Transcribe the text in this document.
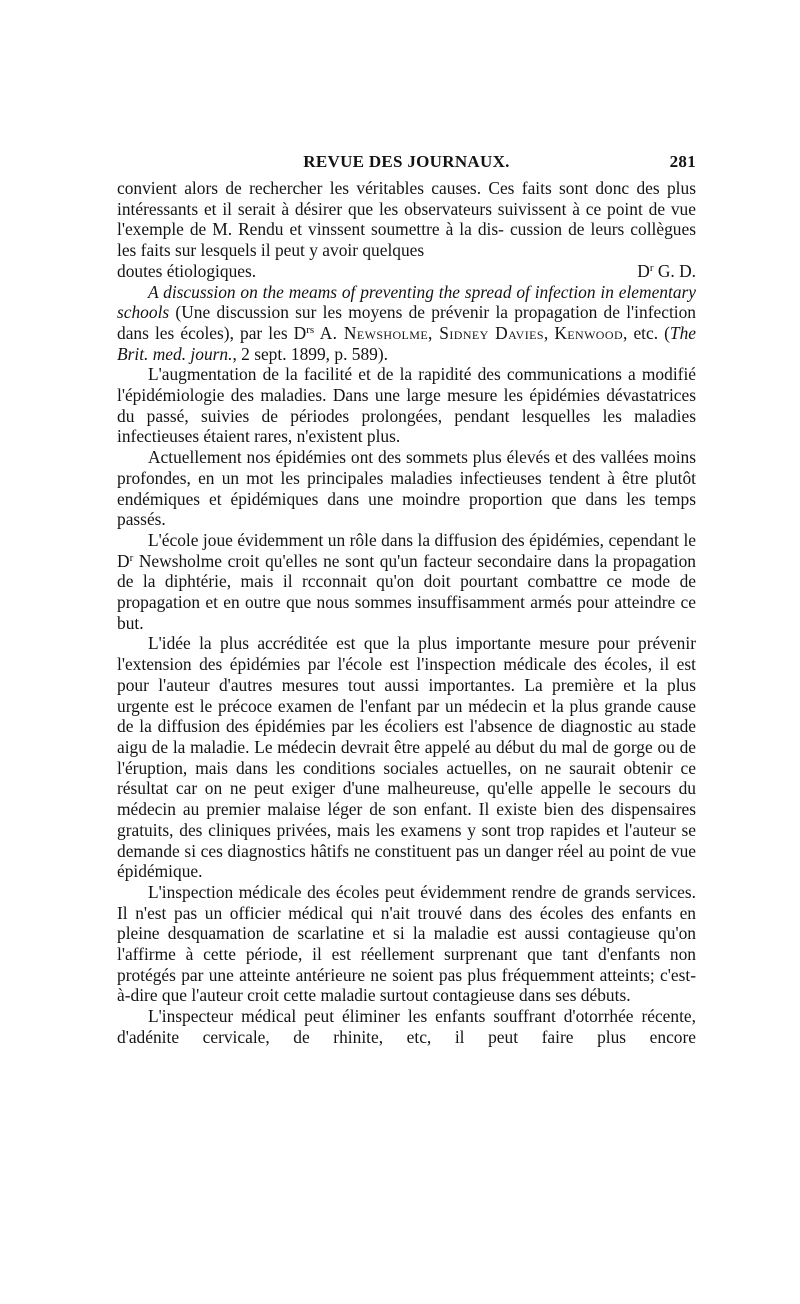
REVUE DES JOURNAUX.	281

convient alors de rechercher les véritables causes. Ces faits sont donc des plus intéressants et il serait à désirer que les observateurs suivissent à ce point de vue l'exemple de M. Rendu et vinssent soumettre à la dis- cussion de leurs collègues les faits sur lesquels il peut y avoir quelques

doutes étiologiques.	$D^r$ G. D.

A discussion on the meams of preventing the spread of infection in elementary schools (Une discussion sur les moyens de prévenir la propagation de l'infection dans les écoles), par les $D^{rs}$ A. Newsholme, Sidney Davies, Kenwood, etc. (The Brit. med. journ., 2 sept. 1899, p. 589).

L'augmentation de la facilité et de la rapidité des communications a modifié l'épidémiologie des maladies. Dans une large mesure les épidémies dévastatrices du passé, suivies de périodes prolongées, pendant lesquelles les maladies infectieuses étaient rares, n'existent plus.

Actuellement nos épidémies ont des sommets plus élevés et des vallées moins profondes, en un mot les principales maladies infectieuses tendent à être plutôt endémiques et épidémiques dans une moindre proportion que dans les temps passés.

L'école joue évidemment un rôle dans la diffusion des épidémies, cependant le $D^r$ Newsholme croit qu'elles ne sont qu'un facteur secondaire dans la propagation de la diphtérie, mais il rcconnait qu'on doit pourtant combattre ce mode de propagation et en outre que nous sommes insuffisamment armés pour atteindre ce but.

L'idée la plus accréditée est que la plus importante mesure pour prévenir l'extension des épidémies par l'école est l'inspection médicale des écoles, il est pour l'auteur d'autres mesures tout aussi importantes. La première et la plus urgente est le précoce examen de l'enfant par un médecin et la plus grande cause de la diffusion des épidémies par les écoliers est l'absence de diagnostic au stade aigu de la maladie. Le médecin devrait être appelé au début du mal de gorge ou de l'éruption, mais dans les conditions sociales actuelles, on ne saurait obtenir ce résultat car on ne peut exiger d'une malheureuse, qu'elle appelle le secours du médecin au premier malaise léger de son enfant. Il existe bien des dispensaires gratuits, des cliniques privées, mais les examens y sont trop rapides et l'auteur se demande si ces diagnostics hâtifs ne constituent pas un danger réel au point de vue épidémique.

L'inspection médicale des écoles peut évidemment rendre de grands services. Il n'est pas un officier médical qui n'ait trouvé dans des écoles des enfants en pleine desquamation de scarlatine et si la maladie est aussi contagieuse qu'on l'affirme à cette période, il est réellement surprenant que tant d'enfants non protégés par une atteinte antérieure ne soient pas plus fréquemment atteints; c'est-à-dire que l'auteur croit cette maladie surtout contagieuse dans ses débuts.

L'inspecteur médical peut éliminer les enfants souffrant d'otorrhée récente, d'adénite cervicale, de rhinite, etc, il peut faire plus encore
